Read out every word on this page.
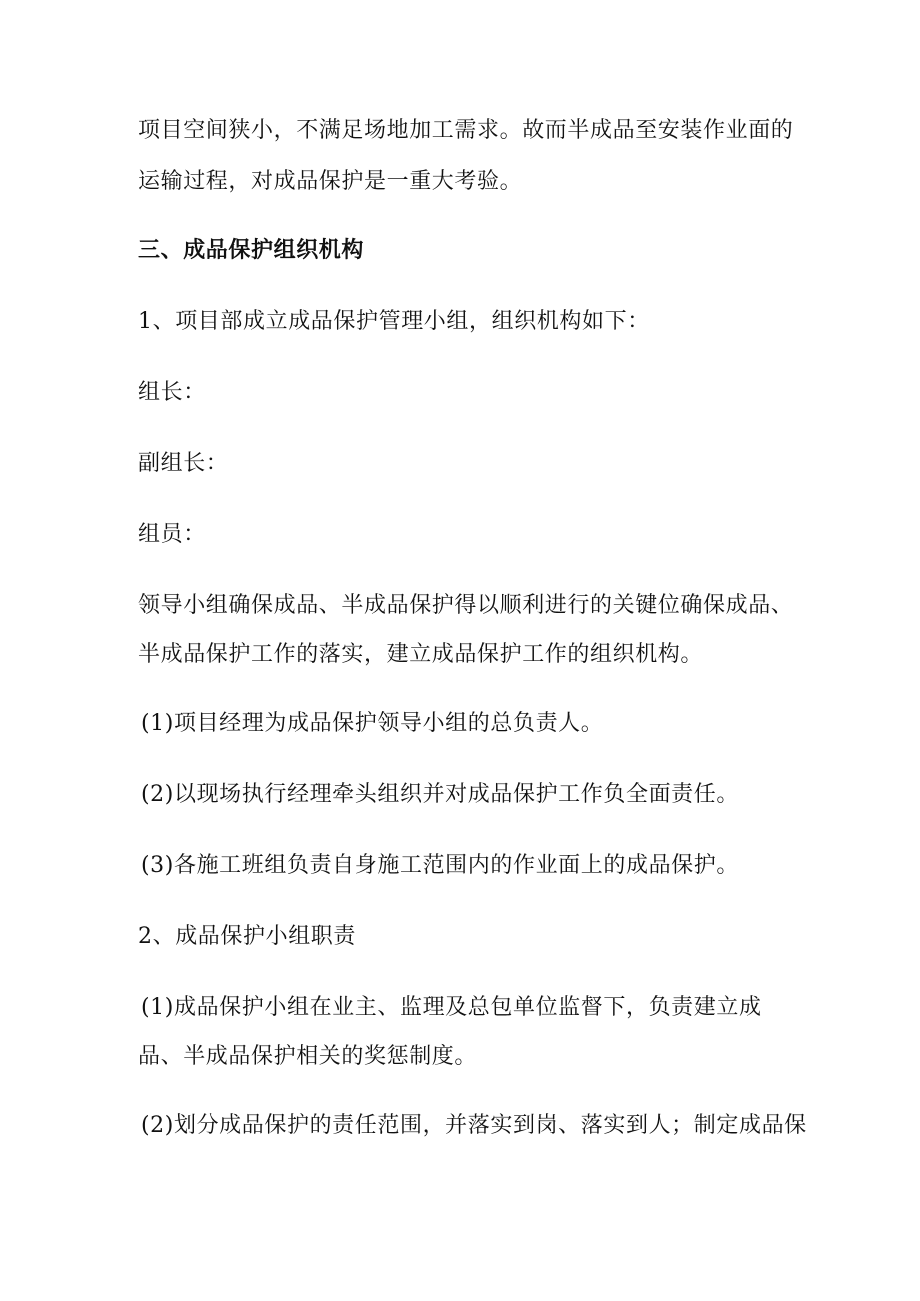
项目空间狭小，不满足场地加工需求。故而半成品至安装作业面的
运输过程，对成品保护是一重大考验。
三、成品保护组织机构
1、项目部成立成品保护管理小组，组织机构如下：
组长：
副组长：
组员：
领导小组确保成品、半成品保护得以顺利进行的关键位确保成品、
半成品保护工作的落实，建立成品保护工作的组织机构。
(1)项目经理为成品保护领导小组的总负责人。
(2)以现场执行经理牵头组织并对成品保护工作负全面责任。
(3)各施工班组负责自身施工范围内的作业面上的成品保护。
2、成品保护小组职责
(1)成品保护小组在业主、监理及总包单位监督下，负责建立成
品、半成品保护相关的奖惩制度。
(2)划分成品保护的责任范围，并落实到岗、落实到人；制定成品保
